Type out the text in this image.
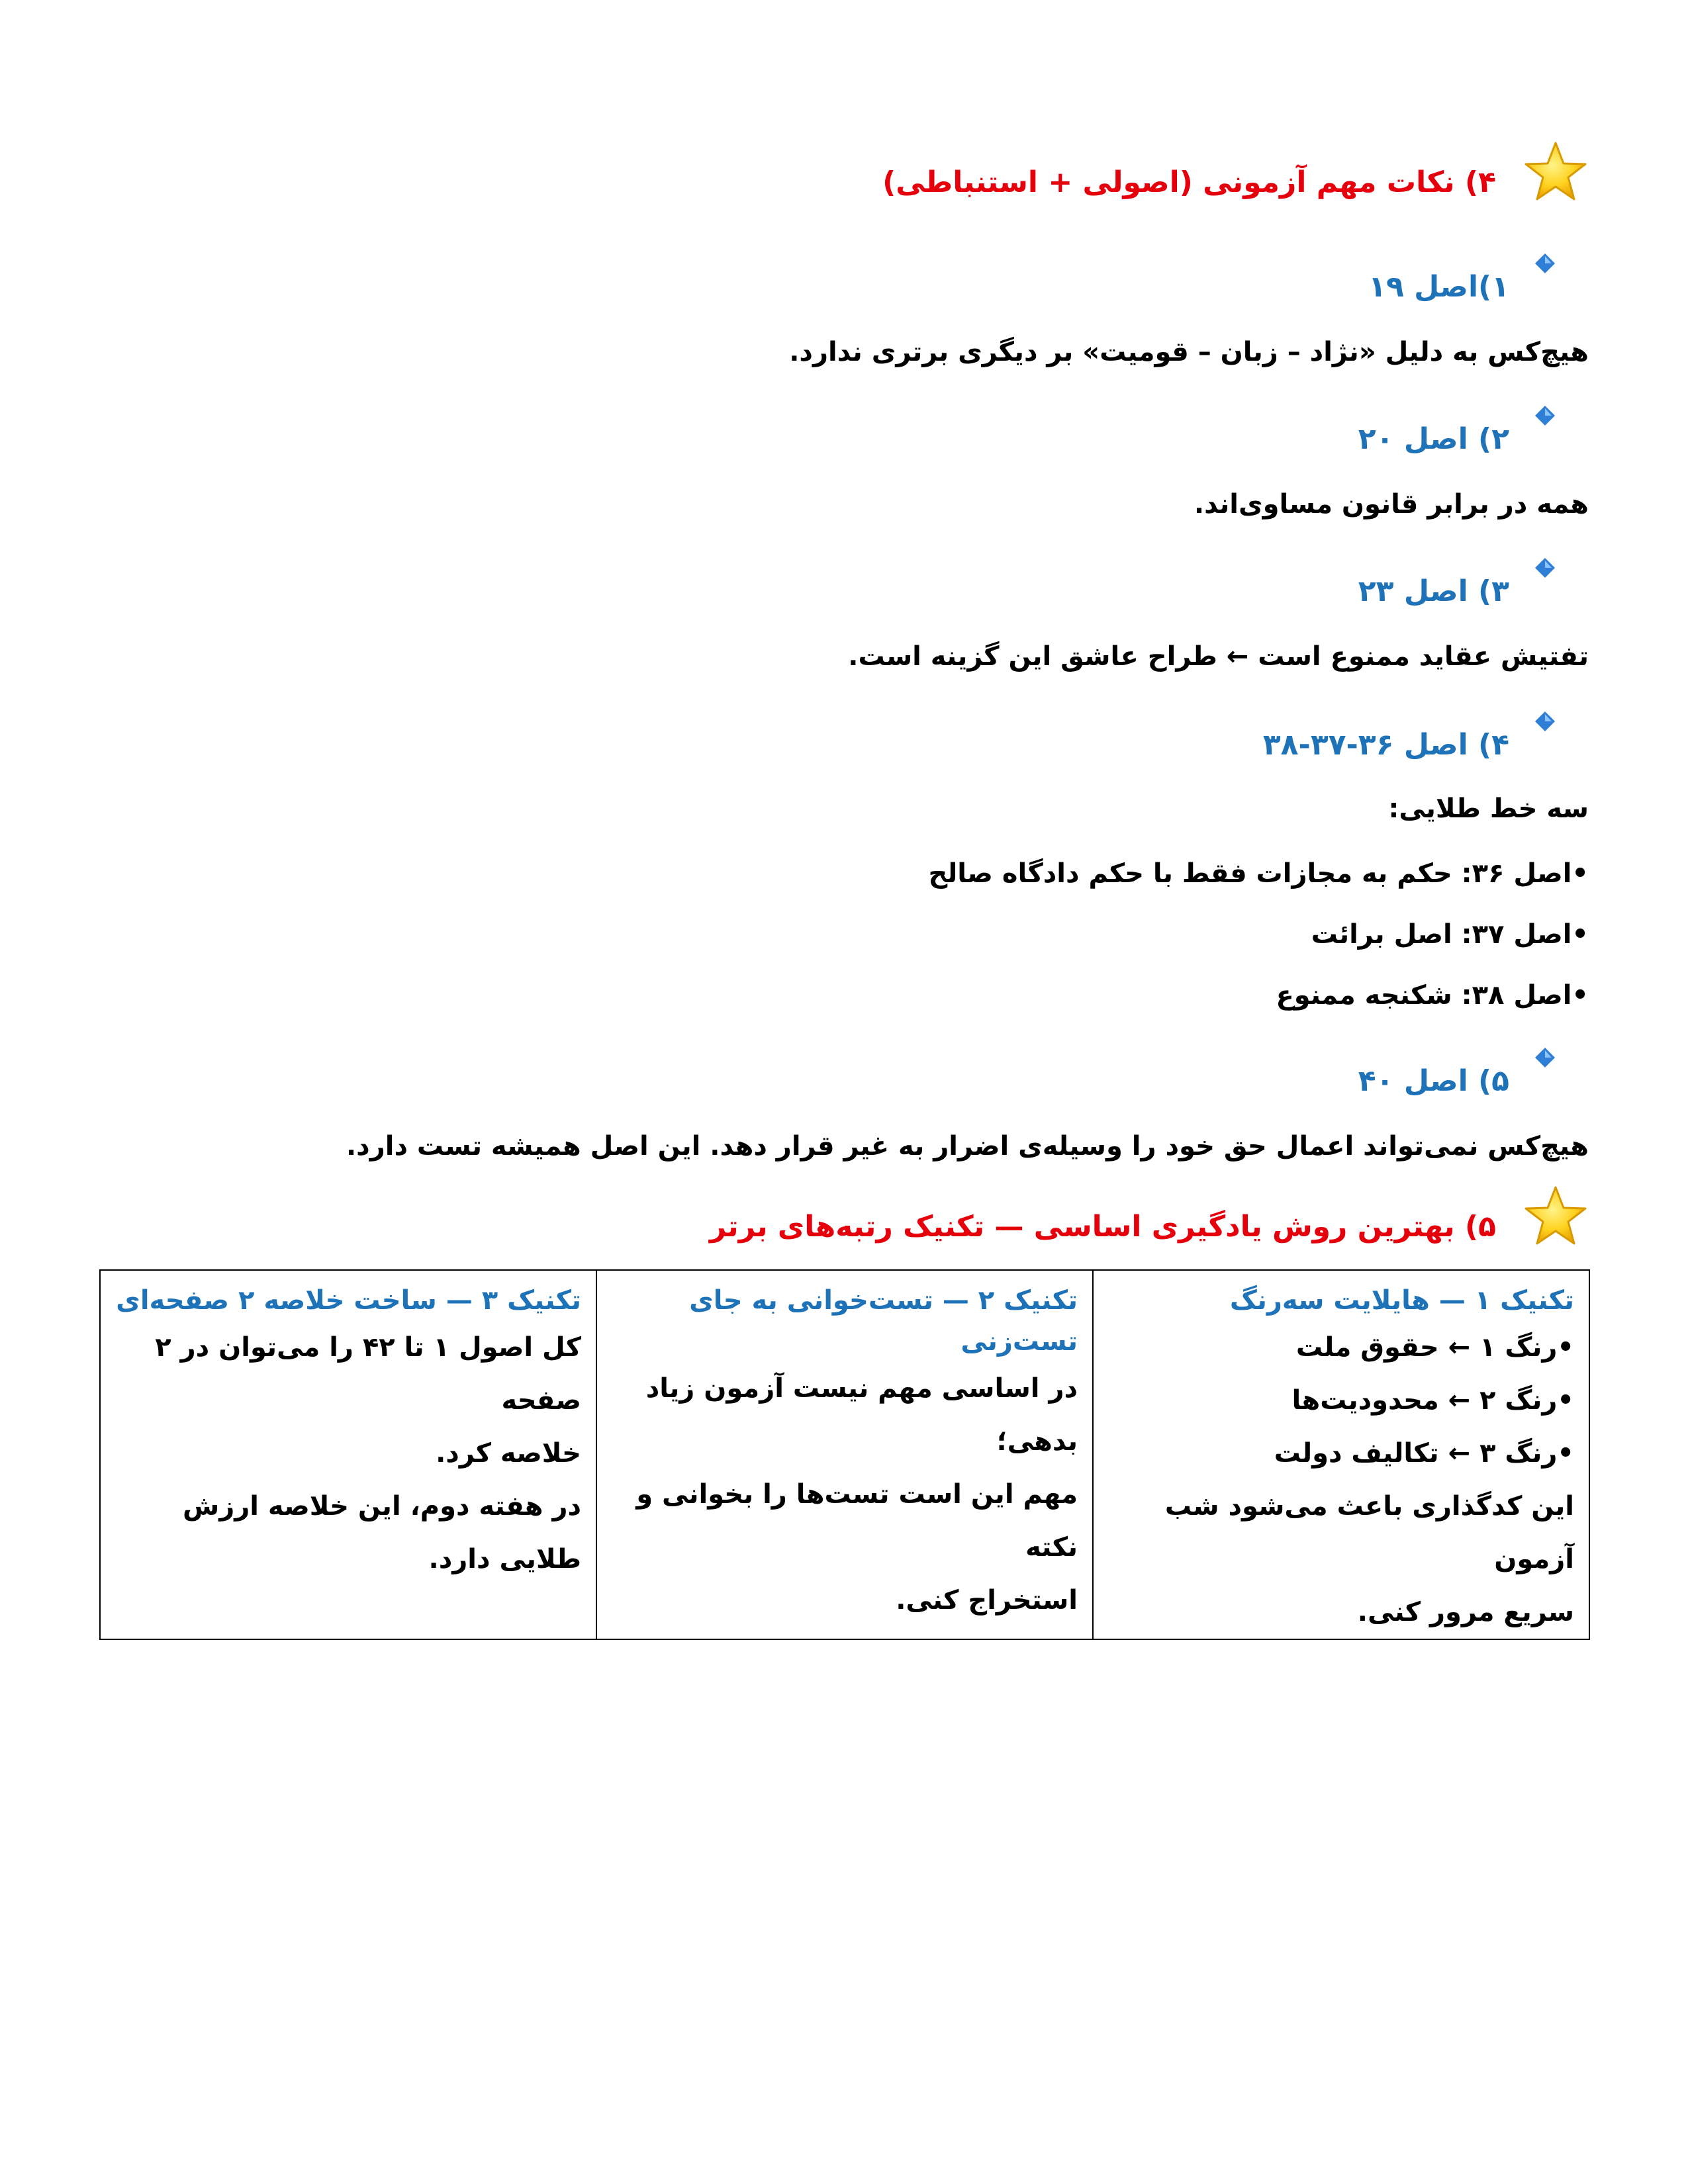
۴) نکات مهم آزمونی (اصولی + استنباطی)
۱)اصل ۱۹
هیچ‌کس به دلیل «نژاد – زبان – قومیت» بر دیگری برتری ندارد.
۲) اصل ۲۰
همه در برابر قانون مساوی‌اند.
۳) اصل ۲۳
تفتیش عقاید ممنوع است ← طراح عاشق این گزینه است.
۴) اصل ۳۶-۳۷-۳۸
سه خط طلایی:
•اصل ۳۶: حکم به مجازات فقط با حکم دادگاه صالح
•اصل ۳۷: اصل برائت
•اصل ۳۸: شکنجه ممنوع
۵) اصل ۴۰
هیچ‌کس نمی‌تواند اعمال حق خود را وسیله‌ی اضرار به غیر قرار دهد. این اصل همیشه تست دارد.
۵) بهترین روش یادگیری اساسی — تکنیک رتبه‌های برتر
تکنیک ۱ — هایلایت سه‌رنگ
•رنگ ۱ ← حقوق ملت
•رنگ ۲ ← محدودیت‌ها
•رنگ ۳ ← تکالیف دولت
این کدگذاری باعث می‌شود شب آزمون
سریع مرور کنی.

تکنیک ۲ — تست‌خوانی به جای تست‌زنی
در اساسی مهم نیست آزمون زیاد بدهی؛
مهم این است تست‌ها را بخوانی و نکته
استخراج کنی.

تکنیک ۳ — ساخت خلاصه ۲ صفحه‌ای
کل اصول ۱ تا ۴۲ را می‌توان در ۲ صفحه
خلاصه کرد.
در هفته دوم، این خلاصه ارزش طلایی دارد.
